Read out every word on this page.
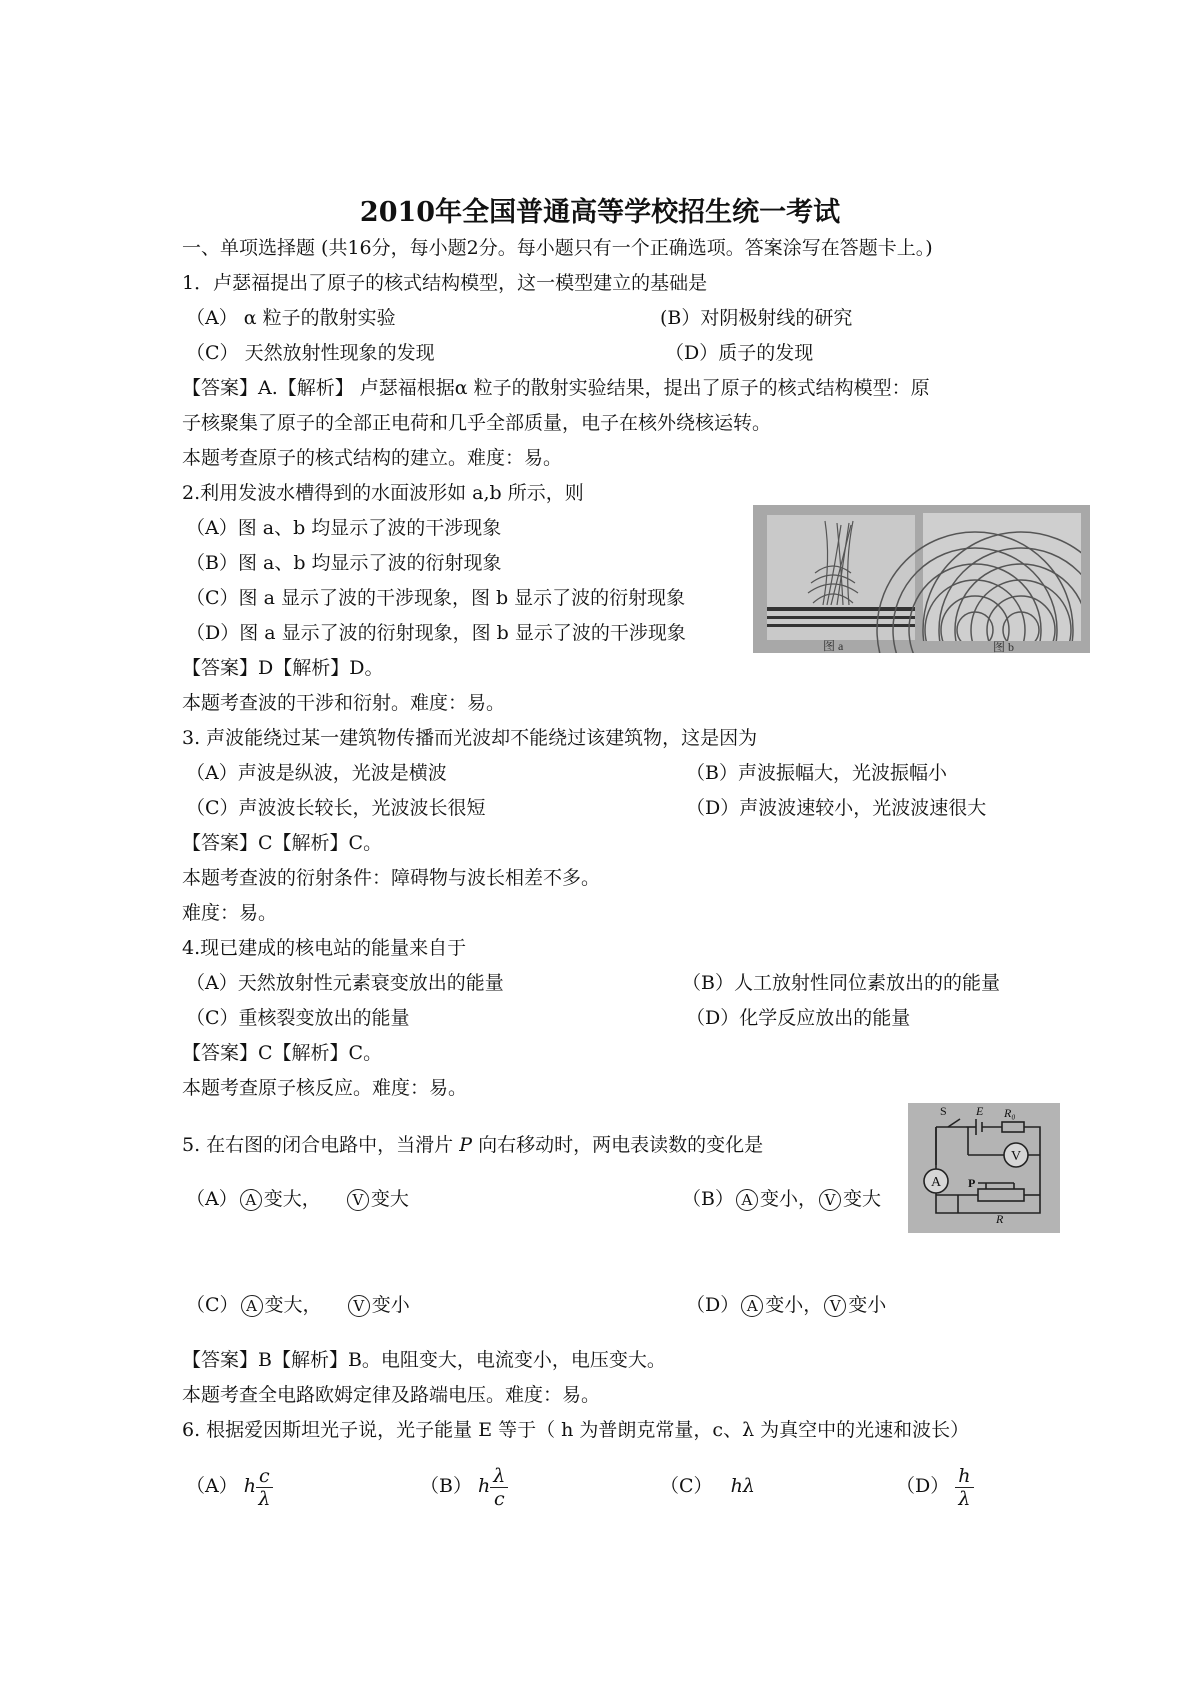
2010年全国普通高等学校招生统一考试
一、单项选择题 (共16分，每小题2分。每小题只有一个正确选项。答案涂写在答题卡上。)
1．卢瑟福提出了原子的核式结构模型，这一模型建立的基础是
（A） α 粒子的散射实验	(B）对阴极射线的研究
（C） 天然放射性现象的发现	（D）质子的发现
【答案】A.【解析】 卢瑟福根据α 粒子的散射实验结果，提出了原子的核式结构模型：原
子核聚集了原子的全部正电荷和几乎全部质量，电子在核外绕核运转。
本题考查原子的核式结构的建立。难度：易。
2.利用发波水槽得到的水面波形如 a,b 所示，则
（A）图 a、b 均显示了波的干涉现象
（B）图 a、b 均显示了波的衍射现象
（C）图 a 显示了波的干涉现象，图 b 显示了波的衍射现象
（D）图 a 显示了波的衍射现象，图 b 显示了波的干涉现象
【答案】D【解析】D。
本题考查波的干涉和衍射。难度：易。
图 a	图 b
3. 声波能绕过某一建筑物传播而光波却不能绕过该建筑物，这是因为
（A）声波是纵波，光波是横波	（B）声波振幅大，光波振幅小
（C）声波波长较长，光波波长很短	（D）声波波速较小，光波波速很大
【答案】C【解析】C。
本题考查波的衍射条件：障碍物与波长相差不多。
难度：易。
4.现已建成的核电站的能量来自于
（A）天然放射性元素衰变放出的能量	（B）人工放射性同位素放出的的能量
（C）重核裂变放出的能量	（D）化学反应放出的能量
【答案】C【解析】C。
本题考查原子核反应。难度：易。
5. 在右图的闭合电路中，当滑片 P 向右移动时，两电表读数的变化是
（A） A 变大， V 变大	（B） A 变小， V 变大
（C） A 变大， V 变小	（D） A 变小， V 变小
【答案】B【解析】B。电阻变大，电流变小，电压变大。
本题考查全电路欧姆定律及路端电压。难度：易。
V
A
S E R₀
P
R
6. 根据爱因斯坦光子说，光子能量 E 等于（ h 为普朗克常量，c、λ 为真空中的光速和波长）
（A） h $\frac{c}{\lambda}$	（B） h $\frac{\lambda}{c}$	（C） hλ	$(D) \frac{h}{\lambda}$
